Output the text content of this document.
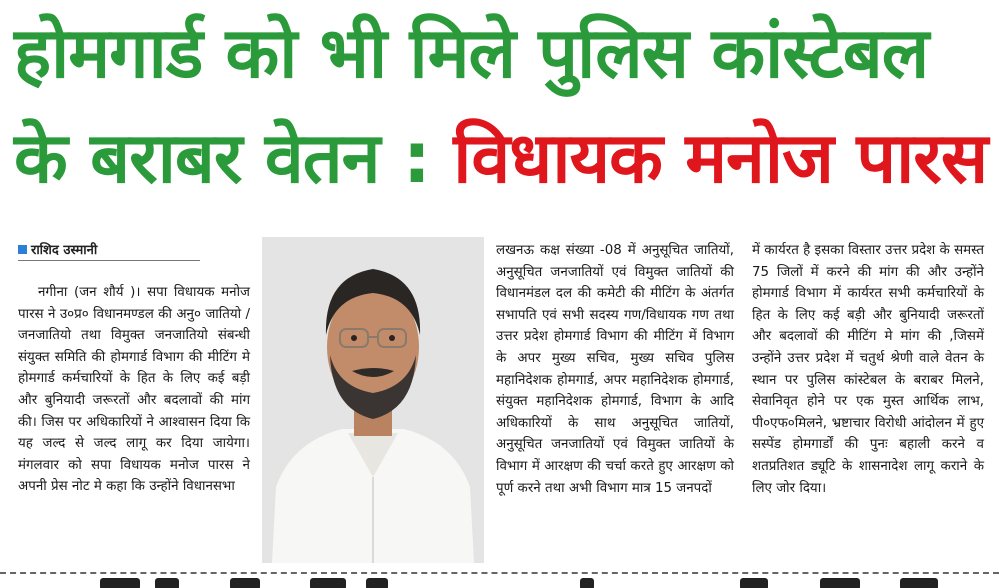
होमगार्ड को भी मिले पुलिस कांस्टेबल
के बराबर वेतन : विधायक मनोज पारस
राशिद उस्मानी
नगीना (जन शौर्य )। सपा विधायक मनोज पारस ने उ०प्र० विधानमण्डल की अनु० जातियो / जनजातियो तथा विमुक्त जनजातियो संबन्धी संयुक्त समिति की होमगार्ड विभाग की मीटिंग मे होमगार्ड कर्मचारियों के हित के लिए कई बड़ी और बुनियादी जरूरतों और बदलावों की मांग की। जिस पर अधिकारियों ने आश्वासन दिया कि यह जल्द से जल्द लागू कर दिया जायेगा। मंगलवार को सपा विधायक मनोज पारस ने अपनी प्रेस नोट मे कहा कि उन्होंने विधानसभा
लखनऊ कक्ष संख्या -08 में अनुसूचित जातियों, अनुसूचित जनजातियों एवं विमुक्त जातियों की विधानमंडल दल की कमेटी की मीटिंग के अंतर्गत सभापति एवं सभी सदस्य गण/विधायक गण तथा उत्तर प्रदेश होमगार्ड विभाग की मीटिंग में विभाग के अपर मुख्य सचिव, मुख्य सचिव पुलिस महानिदेशक होमगार्ड, अपर महानिदेशक होमगार्ड, संयुक्त महानिदेशक होमगार्ड, विभाग के आदि अधिकारियों के साथ अनुसूचित जातियों, अनुसूचित जनजातियों एवं विमुक्त जातियों के विभाग में आरक्षण की चर्चा करते हुए आरक्षण को पूर्ण करने तथा अभी विभाग मात्र 15 जनपदों
में कार्यरत है इसका विस्तार उत्तर प्रदेश के समस्त 75 जिलों में करने की मांग की और उन्होंने होमगार्ड विभाग में कार्यरत सभी कर्मचारियों के हित के लिए कई बड़ी और बुनियादी जरूरतों और बदलावों की मीटिंग मे मांग की ,जिसमें उन्होंने उत्तर प्रदेश में चतुर्थ श्रेणी वाले वेतन के स्थान पर पुलिस कांस्टेबल के बराबर मिलने, सेवानिवृत होने पर एक मुस्त आर्थिक लाभ, पी०एफ०मिलने, भ्रष्टाचार विरोधी आंदोलन में हुए सस्पेंड होमगार्डों की पुनः बहाली करने व शतप्रतिशत ड्यूटि के शासनादेश लागू कराने के लिए जोर दिया।
